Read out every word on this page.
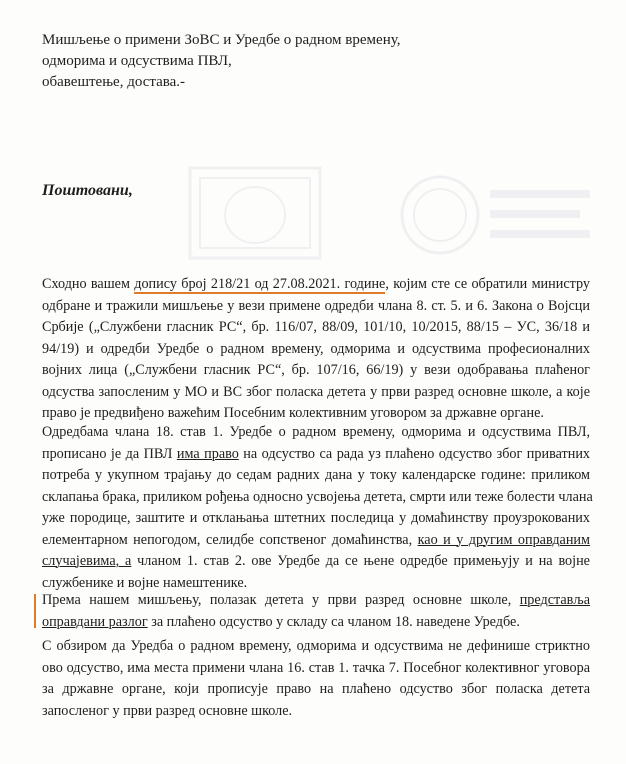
Мишљење о примени ЗоВС и Уредбе о радном времену,
одморима и одсуствима ПВЛ,
обавештење, достава.-
Поштовани,
Сходно вашем допису број 218/21 од 27.08.2021. године, којим сте се обратили министру
одбране и тражили мишљење у вези примене одредби члана 8. ст. 5. и 6. Закона о Војсци
Србије („Службени гласник РС“, бр. 116/07, 88/09, 101/10, 10/2015, 88/15 – УС, 36/18 и
94/19) и одредби Уредбе о радном времену, одморима и одсуствима професионалних
војних лица („Службени гласник РС“, бр. 107/16, 66/19) у вези одобравања плаћеног
одсуства запосленим у МО и ВС због поласка детета у први разред основне школе, а које
право је предвиђено важећим Посебним колективним уговором за државне органе.
Одредбама члана 18. став 1. Уредбе о радном времену, одморима и одсуствима ПВЛ,
прописано је да ПВЛ има право на одсуство са рада уз плаћено одсуство због приватних
потреба у укупном трајању до седам радних дана у току календарске године: приликом
склапања брака, приликом рођења односно усвојења детета, смрти или теже болести члана
уже породице, заштите и отклањања штетних последица у домаћинству проузрокованих
елементарном непогодом, селидбе сопственог домаћинства, као и у другим оправданим
случајевима, а чланом 1. став 2. ове Уредбе да се њене одредбе примењују и на војне
службенике и војне намештенике.
Према нашем мишљењу, полазак детета у први разред основне школе, представља
оправдани разлог за плаћено одсуство у складу са чланом 18. наведене Уредбе.
С обзиром да Уредба о радном времену, одморима и одсуствима не дефинише стриктно
ово одсуство, има места примени члана 16. став 1. тачка 7. Посебног колективног уговора
за државне органе, који прописује право на плаћено одсуство због поласка детета
запосленог у први разред основне школе.
